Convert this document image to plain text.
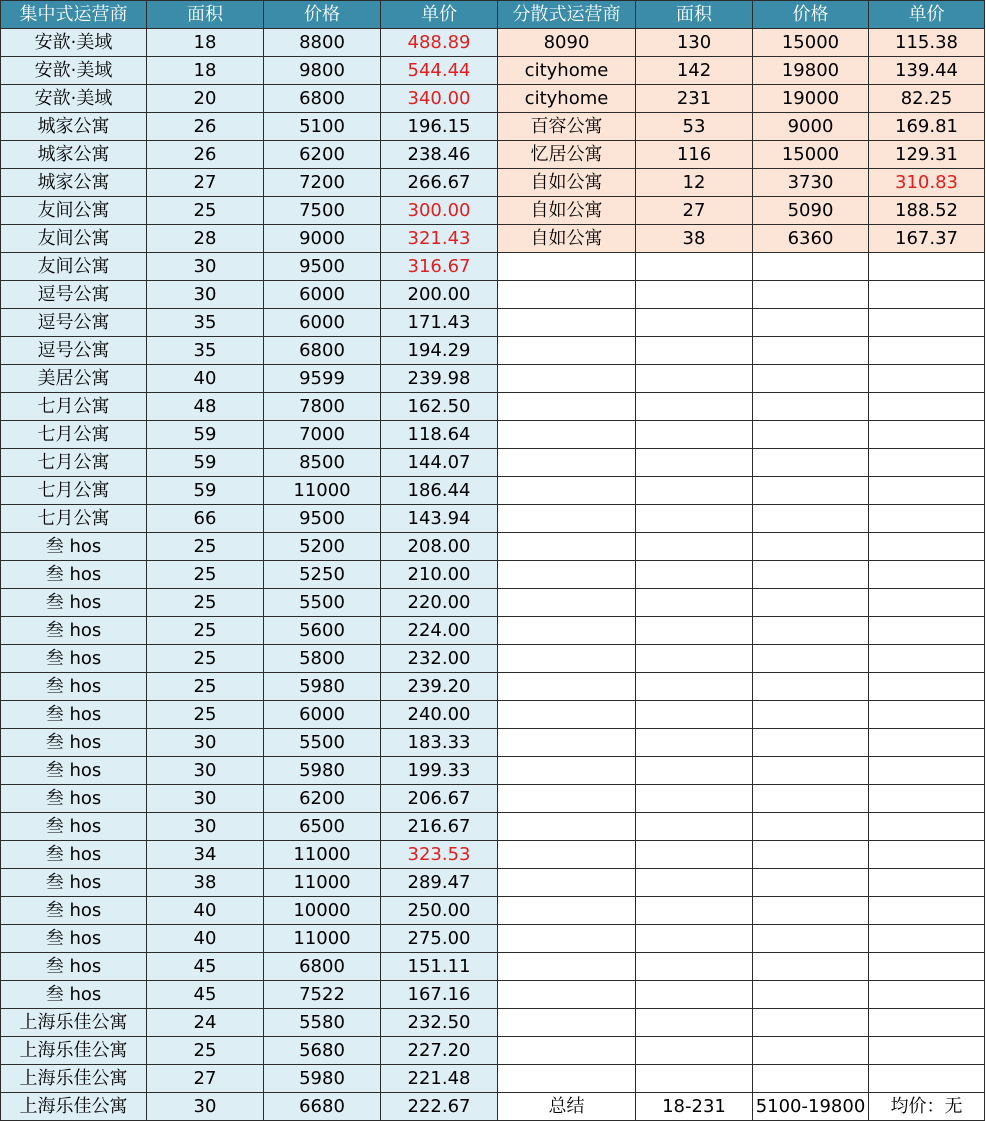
集中式运营商	面积	价格	单价	分散式运营商	面积	价格	单价
安歆·美域	18	8800	488.89	8090	130	15000	115.38
安歆·美域	18	9800	544.44	cityhome	142	19800	139.44
安歆·美域	20	6800	340.00	cityhome	231	19000	82.25
城家公寓	26	5100	196.15	百容公寓	53	9000	169.81
城家公寓	26	6200	238.46	忆居公寓	116	15000	129.31
城家公寓	27	7200	266.67	自如公寓	12	3730	310.83
友间公寓	25	7500	300.00	自如公寓	27	5090	188.52
友间公寓	28	9000	321.43	自如公寓	38	6360	167.37
友间公寓	30	9500	316.67				
逗号公寓	30	6000	200.00				
逗号公寓	35	6000	171.43				
逗号公寓	35	6800	194.29				
美居公寓	40	9599	239.98				
七月公寓	48	7800	162.50				
七月公寓	59	7000	118.64				
七月公寓	59	8500	144.07				
七月公寓	59	11000	186.44				
七月公寓	66	9500	143.94				
叁 hos	25	5200	208.00				
叁 hos	25	5250	210.00				
叁 hos	25	5500	220.00				
叁 hos	25	5600	224.00				
叁 hos	25	5800	232.00				
叁 hos	25	5980	239.20				
叁 hos	25	6000	240.00				
叁 hos	30	5500	183.33				
叁 hos	30	5980	199.33				
叁 hos	30	6200	206.67				
叁 hos	30	6500	216.67				
叁 hos	34	11000	323.53				
叁 hos	38	11000	289.47				
叁 hos	40	10000	250.00				
叁 hos	40	11000	275.00				
叁 hos	45	6800	151.11				
叁 hos	45	7522	167.16				
上海乐佳公寓	24	5580	232.50				
上海乐佳公寓	25	5680	227.20				
上海乐佳公寓	27	5980	221.48				
上海乐佳公寓	30	6680	222.67	总结	18-231	5100-19800	均价：无
